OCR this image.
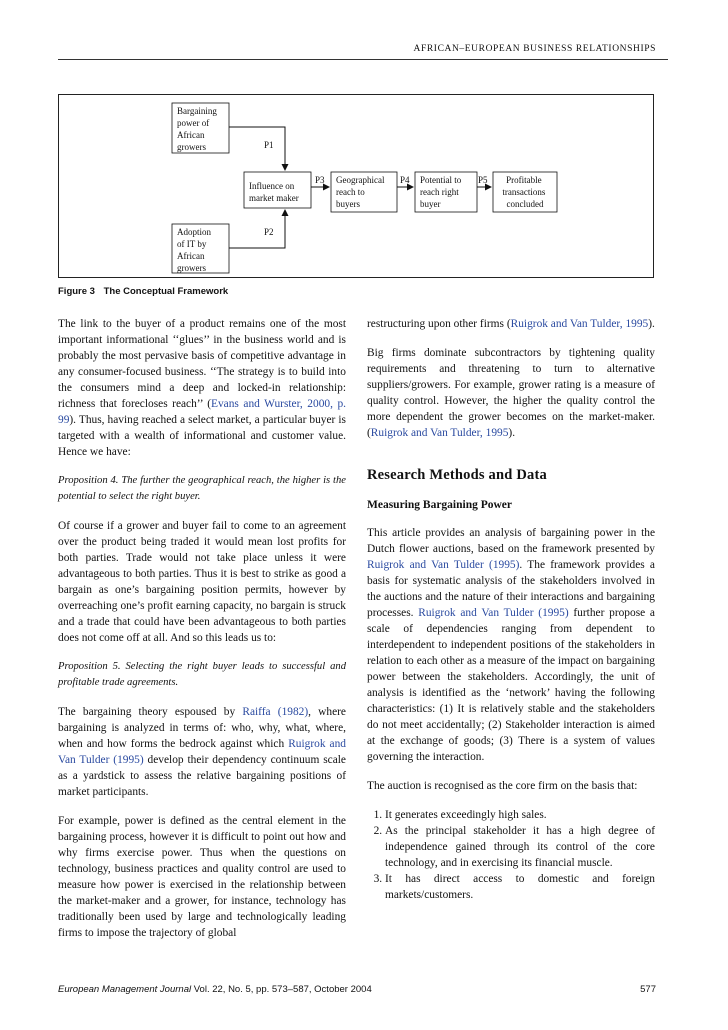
AFRICAN–EUROPEAN BUSINESS RELATIONSHIPS
Bargaining power of African growers
Adoption of IT by African growers
Influence on market maker
Geographical reach to buyers
Potential to reach right buyer
Profitable transactions concluded
P1
P2
P3	P4	P5
Figure 3 The Conceptual Framework

The link to the buyer of a product remains one of the most important informational ‘‘glues’’ in the business world and is probably the most pervasive basis of competitive advantage in any consumer-focused business. ‘‘The strategy is to build into the consumers mind a deep and locked-in relationship: richness that forecloses reach’’ (Evans and Wurster, 2000, p. 99). Thus, having reached a select market, a particular buyer is targeted with a wealth of informational and customer value. Hence we have:

Proposition 4. The further the geographical reach, the higher is the potential to select the right buyer.

Of course if a grower and buyer fail to come to an agreement over the product being traded it would mean lost profits for both parties. Trade would not take place unless it were advantageous to both parties. Thus it is best to strike as good a bargain as one’s bargaining position permits, however by overreaching one’s profit earning capacity, no bargain is struck and a trade that could have been advantageous to both parties does not come off at all. And so this leads us to:

Proposition 5. Selecting the right buyer leads to successful and profitable trade agreements.

The bargaining theory espoused by Raiffa (1982), where bargaining is analyzed in terms of: who, why, what, where, when and how forms the bedrock against which Ruigrok and Van Tulder (1995) develop their dependency continuum scale as a yardstick to assess the relative bargaining positions of market participants.

For example, power is defined as the central element in the bargaining process, however it is difficult to point out how and why firms exercise power. Thus when the questions on technology, business practices and quality control are used to measure how power is exercised in the relationship between the market-maker and a grower, for instance, technology has traditionally been used by large and technologically leading firms to impose the trajectory of global

restructuring upon other firms (Ruigrok and Van Tulder, 1995).

Big firms dominate subcontractors by tightening quality requirements and threatening to turn to alternative suppliers/growers. For example, grower rating is a measure of quality control. However, the higher the quality control the more dependent the grower becomes on the market-maker. (Ruigrok and Van Tulder, 1995).

Research Methods and Data
Measuring Bargaining Power

This article provides an analysis of bargaining power in the Dutch flower auctions, based on the framework presented by Ruigrok and Van Tulder (1995). The framework provides a basis for systematic analysis of the stakeholders involved in the auctions and the nature of their interactions and bargaining processes. Ruigrok and Van Tulder (1995) further propose a scale of dependencies ranging from dependent to interdependent to independent positions of the stakeholders in relation to each other as a measure of the impact on bargaining power between the stakeholders. Accordingly, the unit of analysis is identified as the ‘network’ having the following characteristics: (1) It is relatively stable and the stakeholders do not meet accidentally; (2) Stakeholder interaction is aimed at the exchange of goods; (3) There is a system of values governing the interaction.

The auction is recognised as the core firm on the basis that:

1. It generates exceedingly high sales.
2. As the principal stakeholder it has a high degree of independence gained through its control of the core technology, and in exercising its financial muscle.
3. It has direct access to domestic and foreign markets/customers.
European Management Journal Vol. 22, No. 5, pp. 573–587, October 2004	577
